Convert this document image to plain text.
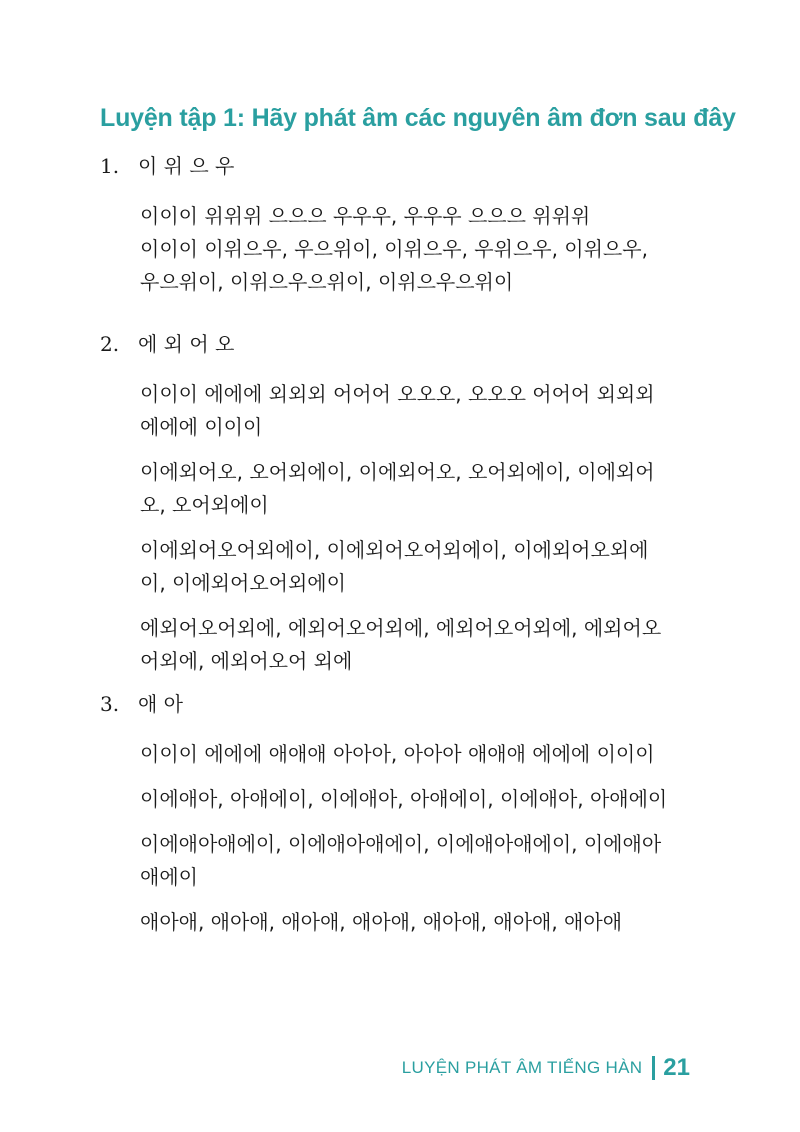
Luyện tập 1: Hãy phát âm các nguyên âm đơn sau đây
1. 이 위 으 우
이이이 위위위 으으으 우우우, 우우우 으으으 위위위
이이이 이위으우, 우으위이, 이위으우, 우위으우, 이위으우,
우으위이, 이위으우으위이, 이위으우으위이
2. 에 외 어 오
이이이 에에에 외외외 어어어 오오오, 오오오 어어어 외외외
에에에 이이이
이에외어오, 오어외에이, 이에외어오, 오어외에이, 이에외어
오, 오어외에이
이에외어오어외에이, 이에외어오어외에이, 이에외어오외에
이, 이에외어오어외에이
에외어오어외에, 에외어오어외에, 에외어오어외에, 에외어오
어외에, 에외어오어 외에
3. 애 아
이이이 에에에 애애애 아아아, 아아아 애애애 에에에 이이이
이에애아, 아애에이, 이에애아, 아애에이, 이에애아, 아애에이
이에애아애에이, 이에애아애에이, 이에애아애에이, 이에애아
애에이
애아애, 애아애, 애아애, 애아애, 애아애, 애아애, 애아애
LUYỆN PHÁT ÂM TIẾNG HÀN 21
